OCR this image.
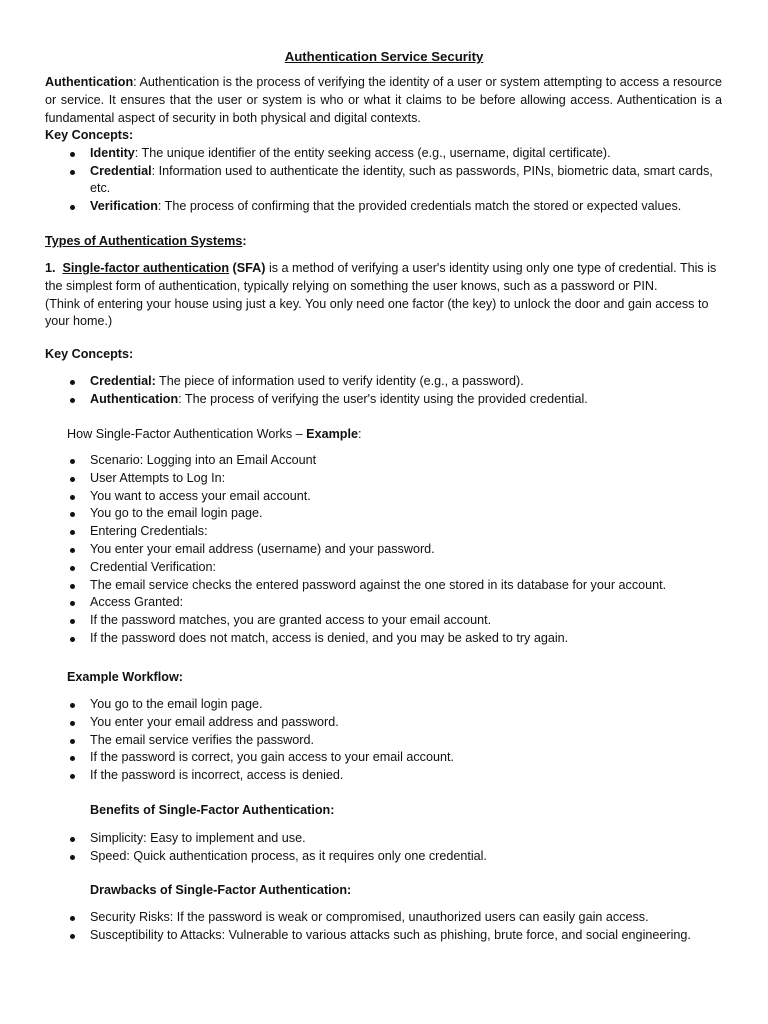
Authentication Service Security
Authentication: Authentication is the process of verifying the identity of a user or system attempting to access a resource or service. It ensures that the user or system is who or what it claims to be before allowing access. Authentication is a fundamental aspect of security in both physical and digital contexts.
Key Concepts:
Identity: The unique identifier of the entity seeking access (e.g., username, digital certificate).
Credential: Information used to authenticate the identity, such as passwords, PINs, biometric data, smart cards, etc.
Verification: The process of confirming that the provided credentials match the stored or expected values.
Types of Authentication Systems:
1. Single-factor authentication (SFA) is a method of verifying a user's identity using only one type of credential. This is the simplest form of authentication, typically relying on something the user knows, such as a password or PIN.
(Think of entering your house using just a key. You only need one factor (the key) to unlock the door and gain access to your home.)
Key Concepts:
Credential: The piece of information used to verify identity (e.g., a password).
Authentication: The process of verifying the user's identity using the provided credential.
How Single-Factor Authentication Works – Example:
Scenario: Logging into an Email Account
User Attempts to Log In:
You want to access your email account.
You go to the email login page.
Entering Credentials:
You enter your email address (username) and your password.
Credential Verification:
The email service checks the entered password against the one stored in its database for your account.
Access Granted:
If the password matches, you are granted access to your email account.
If the password does not match, access is denied, and you may be asked to try again.
Example Workflow:
You go to the email login page.
You enter your email address and password.
The email service verifies the password.
If the password is correct, you gain access to your email account.
If the password is incorrect, access is denied.
Benefits of Single-Factor Authentication:
Simplicity: Easy to implement and use.
Speed: Quick authentication process, as it requires only one credential.
Drawbacks of Single-Factor Authentication:
Security Risks: If the password is weak or compromised, unauthorized users can easily gain access.
Susceptibility to Attacks: Vulnerable to various attacks such as phishing, brute force, and social engineering.
